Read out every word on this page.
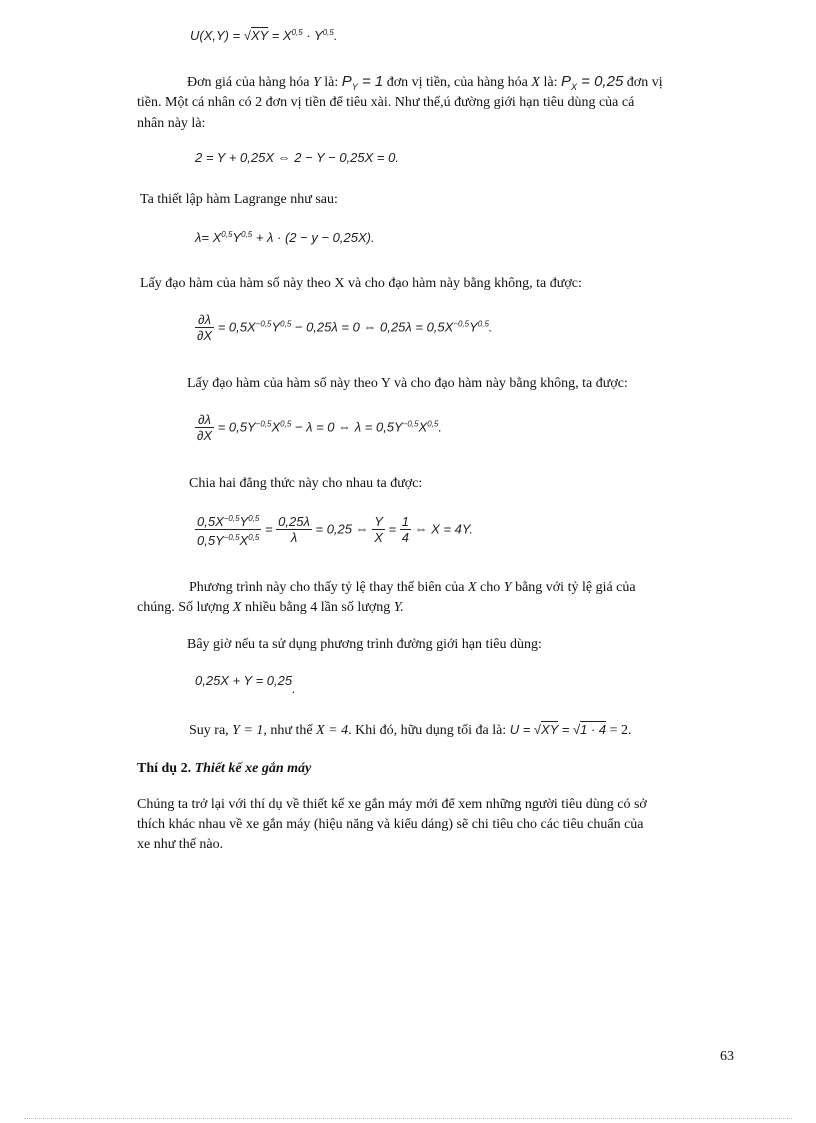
U(X,Y) = √XY = X$^{0,5}$ · Y$^{0,5}$.
Đơn giá của hàng hóa Y là: $P_Y = 1$ đơn vị tiền, của hàng hóa X là: $P_X = 0,25$ đơn vị
tiền. Một cá nhân có 2 đơn vị tiền để tiêu xài. Như thế,ú đường giới hạn tiêu dùng của cá
nhân này là:
2 = Y + 0,25X ⇔ 2 − Y − 0,25X = 0.
Ta thiết lập hàm Lagrange như sau:
$\lambda= X^{0,5}Y^{0,5} + \lambda \cdot (2 - y - 0,25X)$.
Lấy đạo hàm của hàm số này theo X và cho đạo hàm này bằng không, ta được:
$\frac{\partial\lambda}{\partial X} = 0,5X^{-0,5}Y^{0,5} - 0,25\lambda = 0$ ⇔ $0,25\lambda = 0,5X^{-0,5}Y^{0,5}$.
Lấy đạo hàm của hàm số này theo Y và cho đạo hàm này bằng không, ta được:
$\frac{\partial\lambda}{\partial X} = 0,5Y^{-0,5}X^{0,5} - \lambda = 0$ ⇔ $\lambda = 0,5Y^{-0,5}X^{0,5}$.
Chia hai đẳng thức này cho nhau ta được:
$\frac{0,5X^{-0,5}Y^{0,5}}{0,5Y^{-0,5}X^{0,5}} = \frac{0,25\lambda}{\lambda} = 0,25$ ⇔ $\frac{Y}{X} = \frac{1}{4}$ ⇔ X = 4Y.
Phương trình này cho thấy tỷ lệ thay thế biên của X cho Y bằng với tỷ lệ giá của
chúng. Số lượng X nhiều bằng 4 lần số lượng Y.
Bây giờ nếu ta sử dụng phương trình đường giới hạn tiêu dùng:
0,25X + Y = 0,25.
Suy ra, Y = 1, như thế X = 4. Khi đó, hữu dụng tối đa là: U = √XY = √1 · 4 = 2.
Thí dụ 2. Thiết kế xe gắn máy
Chúng ta trở lại với thí dụ về thiết kế xe gắn máy mới để xem những người tiêu dùng có sở
thích khác nhau về xe gắn máy (hiệu năng và kiểu dáng) sẽ chi tiêu cho các tiêu chuẩn của
xe như thế nào.
63
